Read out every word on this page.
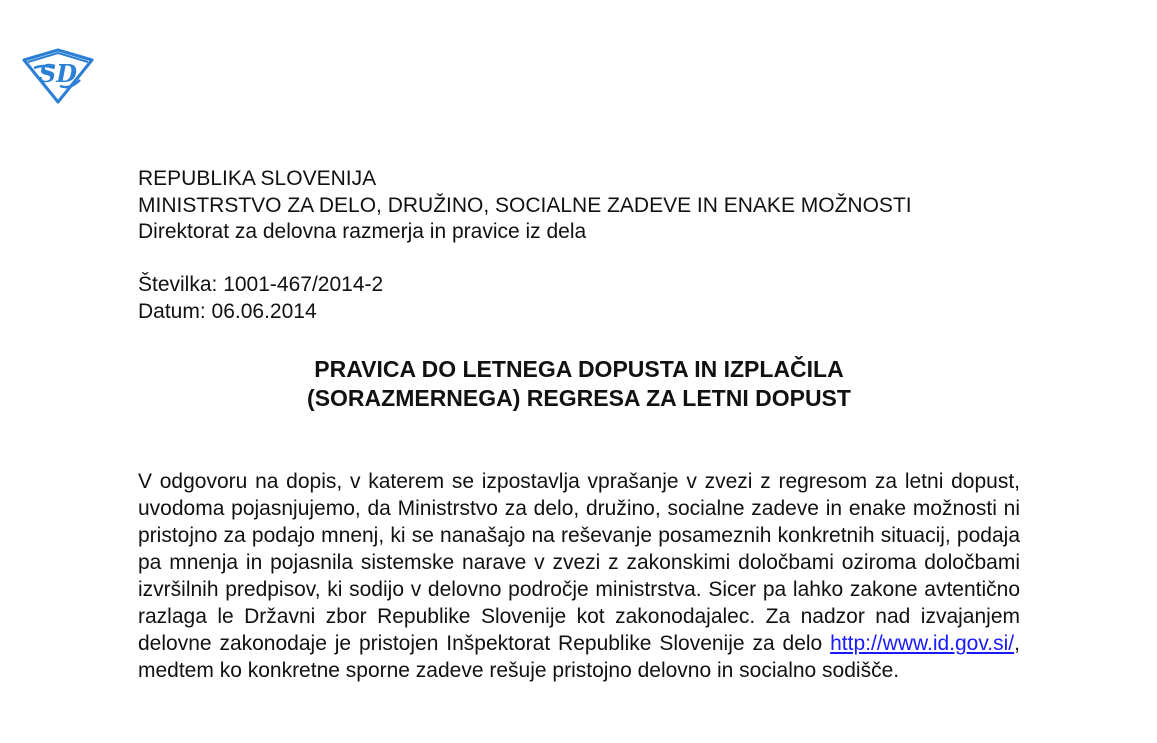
SD
REPUBLIKA SLOVENIJA
MINISTRSTVO ZA DELO, DRUŽINO, SOCIALNE ZADEVE IN ENAKE MOŽNOSTI
Direktorat za delovna razmerja in pravice iz dela
Številka: 1001-467/2014-2
Datum: 06.06.2014
PRAVICA DO LETNEGA DOPUSTA IN IZPLAČILA
(SORAZMERNEGA) REGRESA ZA LETNI DOPUST
V odgovoru na dopis, v katerem se izpostavlja vprašanje v zvezi z regresom za letni dopust, uvodoma pojasnjujemo, da Ministrstvo za delo, družino, socialne zadeve in enake možnosti ni pristojno za podajo mnenj, ki se nanašajo na reševanje posameznih konkretnih situacij, podaja pa mnenja in pojasnila sistemske narave v zvezi z zakonskimi določbami oziroma določbami izvršilnih predpisov, ki sodijo v delovno področje ministrstva. Sicer pa lahko zakone avtentično razlaga le Državni zbor Republike Slovenije kot zakonodajalec. Za nadzor nad izvajanjem delovne zakonodaje je pristojen Inšpektorat Republike Slovenije za delo http://www.id.gov.si/, medtem ko konkretne sporne zadeve rešuje pristojno delovno in socialno sodišče.
